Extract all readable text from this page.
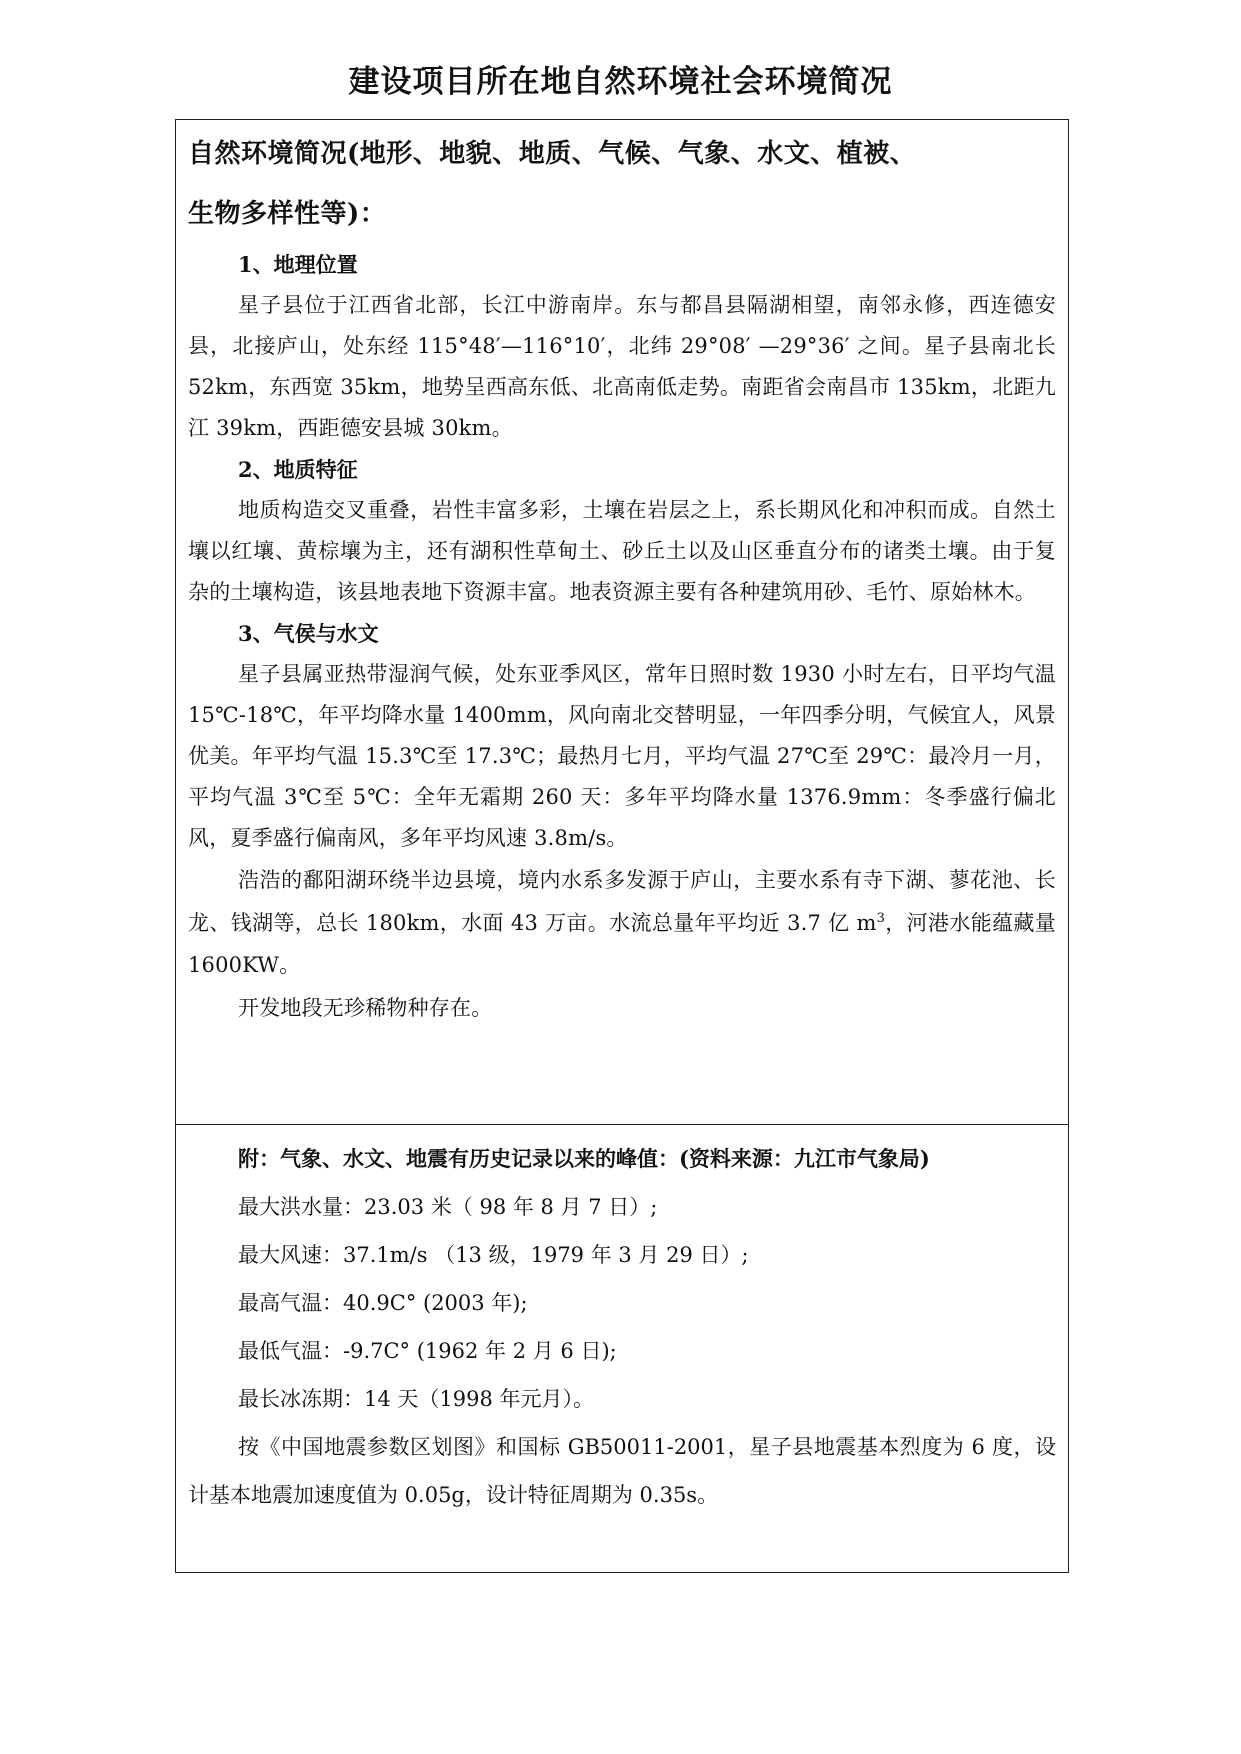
建设项目所在地自然环境社会环境简况

自然环境简况(地形、地貌、地质、气候、气象、水文、植被、

生物多样性等)：

1、地理位置

星子县位于江西省北部，长江中游南岸。东与都昌县隔湖相望，南邻永修，西连德安县，北接庐山，处东经 115°48′—116°10′，北纬 29°08′ —29°36′ 之间。星子县南北长 52km，东西宽 35km，地势呈西高东低、北高南低走势。南距省会南昌市 135km，北距九江 39km，西距德安县城 30km。

2、地质特征

地质构造交叉重叠，岩性丰富多彩，土壤在岩层之上，系长期风化和冲积而成。自然土壤以红壤、黄棕壤为主，还有湖积性草甸土、砂丘土以及山区垂直分布的诸类土壤。由于复杂的土壤构造，该县地表地下资源丰富。地表资源主要有各种建筑用砂、毛竹、原始林木。

3、气侯与水文

星子县属亚热带湿润气候，处东亚季风区，常年日照时数 1930 小时左右，日平均气温 15℃-18℃，年平均降水量 1400mm，风向南北交替明显，一年四季分明，气候宜人，风景优美。年平均气温 15.3℃至 17.3℃；最热月七月，平均气温 27℃至 29℃：最冷月一月，平均气温 3℃至 5℃：全年无霜期 260 天：多年平均降水量 1376.9mm：冬季盛行偏北风，夏季盛行偏南风，多年平均风速 3.8m/s。

浩浩的鄱阳湖环绕半边县境，境内水系多发源于庐山，主要水系有寺下湖、蓼花池、长龙、钱湖等，总长 180km，水面 43 万亩。水流总量年平均近 3.7 亿 $m^3$，河港水能蕴藏量 1600KW。

开发地段无珍稀物种存在。

附：气象、水文、地震有历史记录以来的峰值：(资料来源：九江市气象局)

最大洪水量：23.03 米（ 98 年 8 月 7 日）;

最大风速：37.1m/s （13 级，1979 年 3 月 29 日）;

最高气温：40.9C° (2003 年);

最低气温：-9.7C° (1962 年 2 月 6 日);

最长冰冻期：14 天（1998 年元月）。

按《中国地震参数区划图》和国标 GB50011-2001，星子县地震基本烈度为 6 度，设计基本地震加速度值为 0.05g，设计特征周期为 0.35s。
